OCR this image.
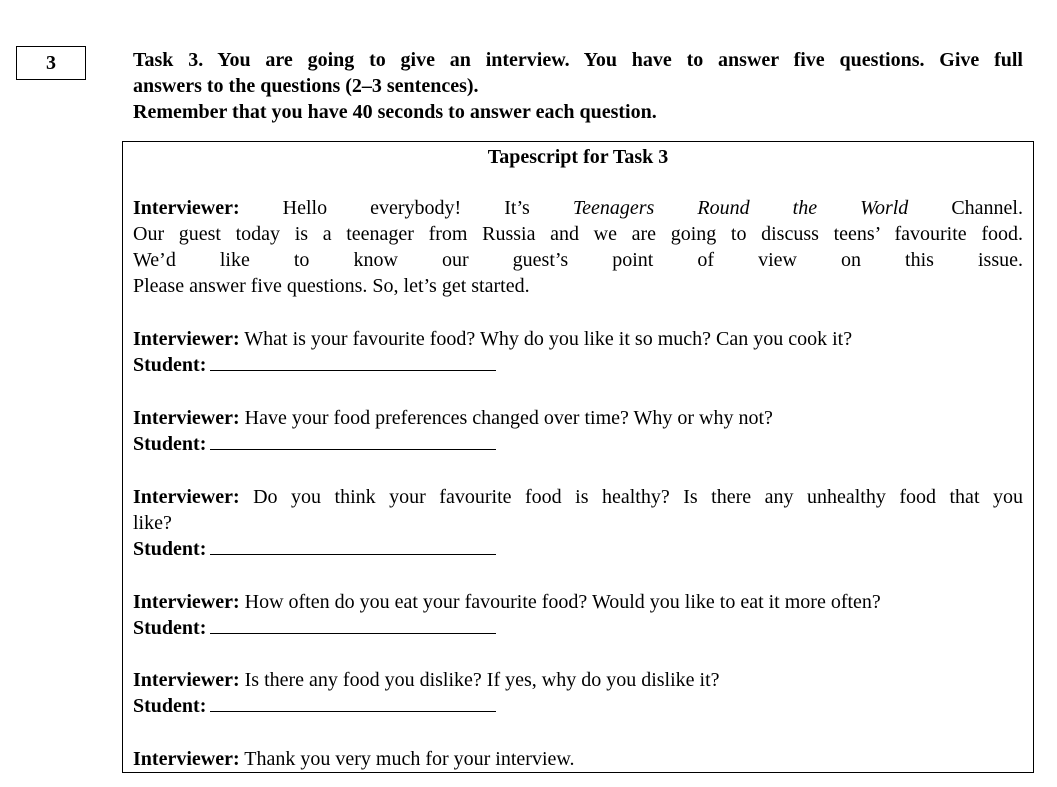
3	Task 3. You are going to give an interview. You have to answer five questions. Give full

answers to the questions (2–3 sentences).

Remember that you have 40 seconds to answer each question.

Tapescript for Task 3

Interviewer: Hello everybody! It’s Teenagers Round the World Channel.
Our guest today is a teenager from Russia and we are going to discuss teens’ favourite food.
We’d like to know our guest’s point of view on this issue.
Please answer five questions. So, let’s get started.
Interviewer: What is your favourite food? Why do you like it so much? Can you cook it?
Student:
Interviewer: Have your food preferences changed over time? Why or why not?
Student:
Interviewer: Do you think your favourite food is healthy? Is there any unhealthy food that you
like?
Student:
Interviewer: How often do you eat your favourite food? Would you like to eat it more often?
Student:
Interviewer: Is there any food you dislike? If yes, why do you dislike it?
Student:
Interviewer: Thank you very much for your interview.
